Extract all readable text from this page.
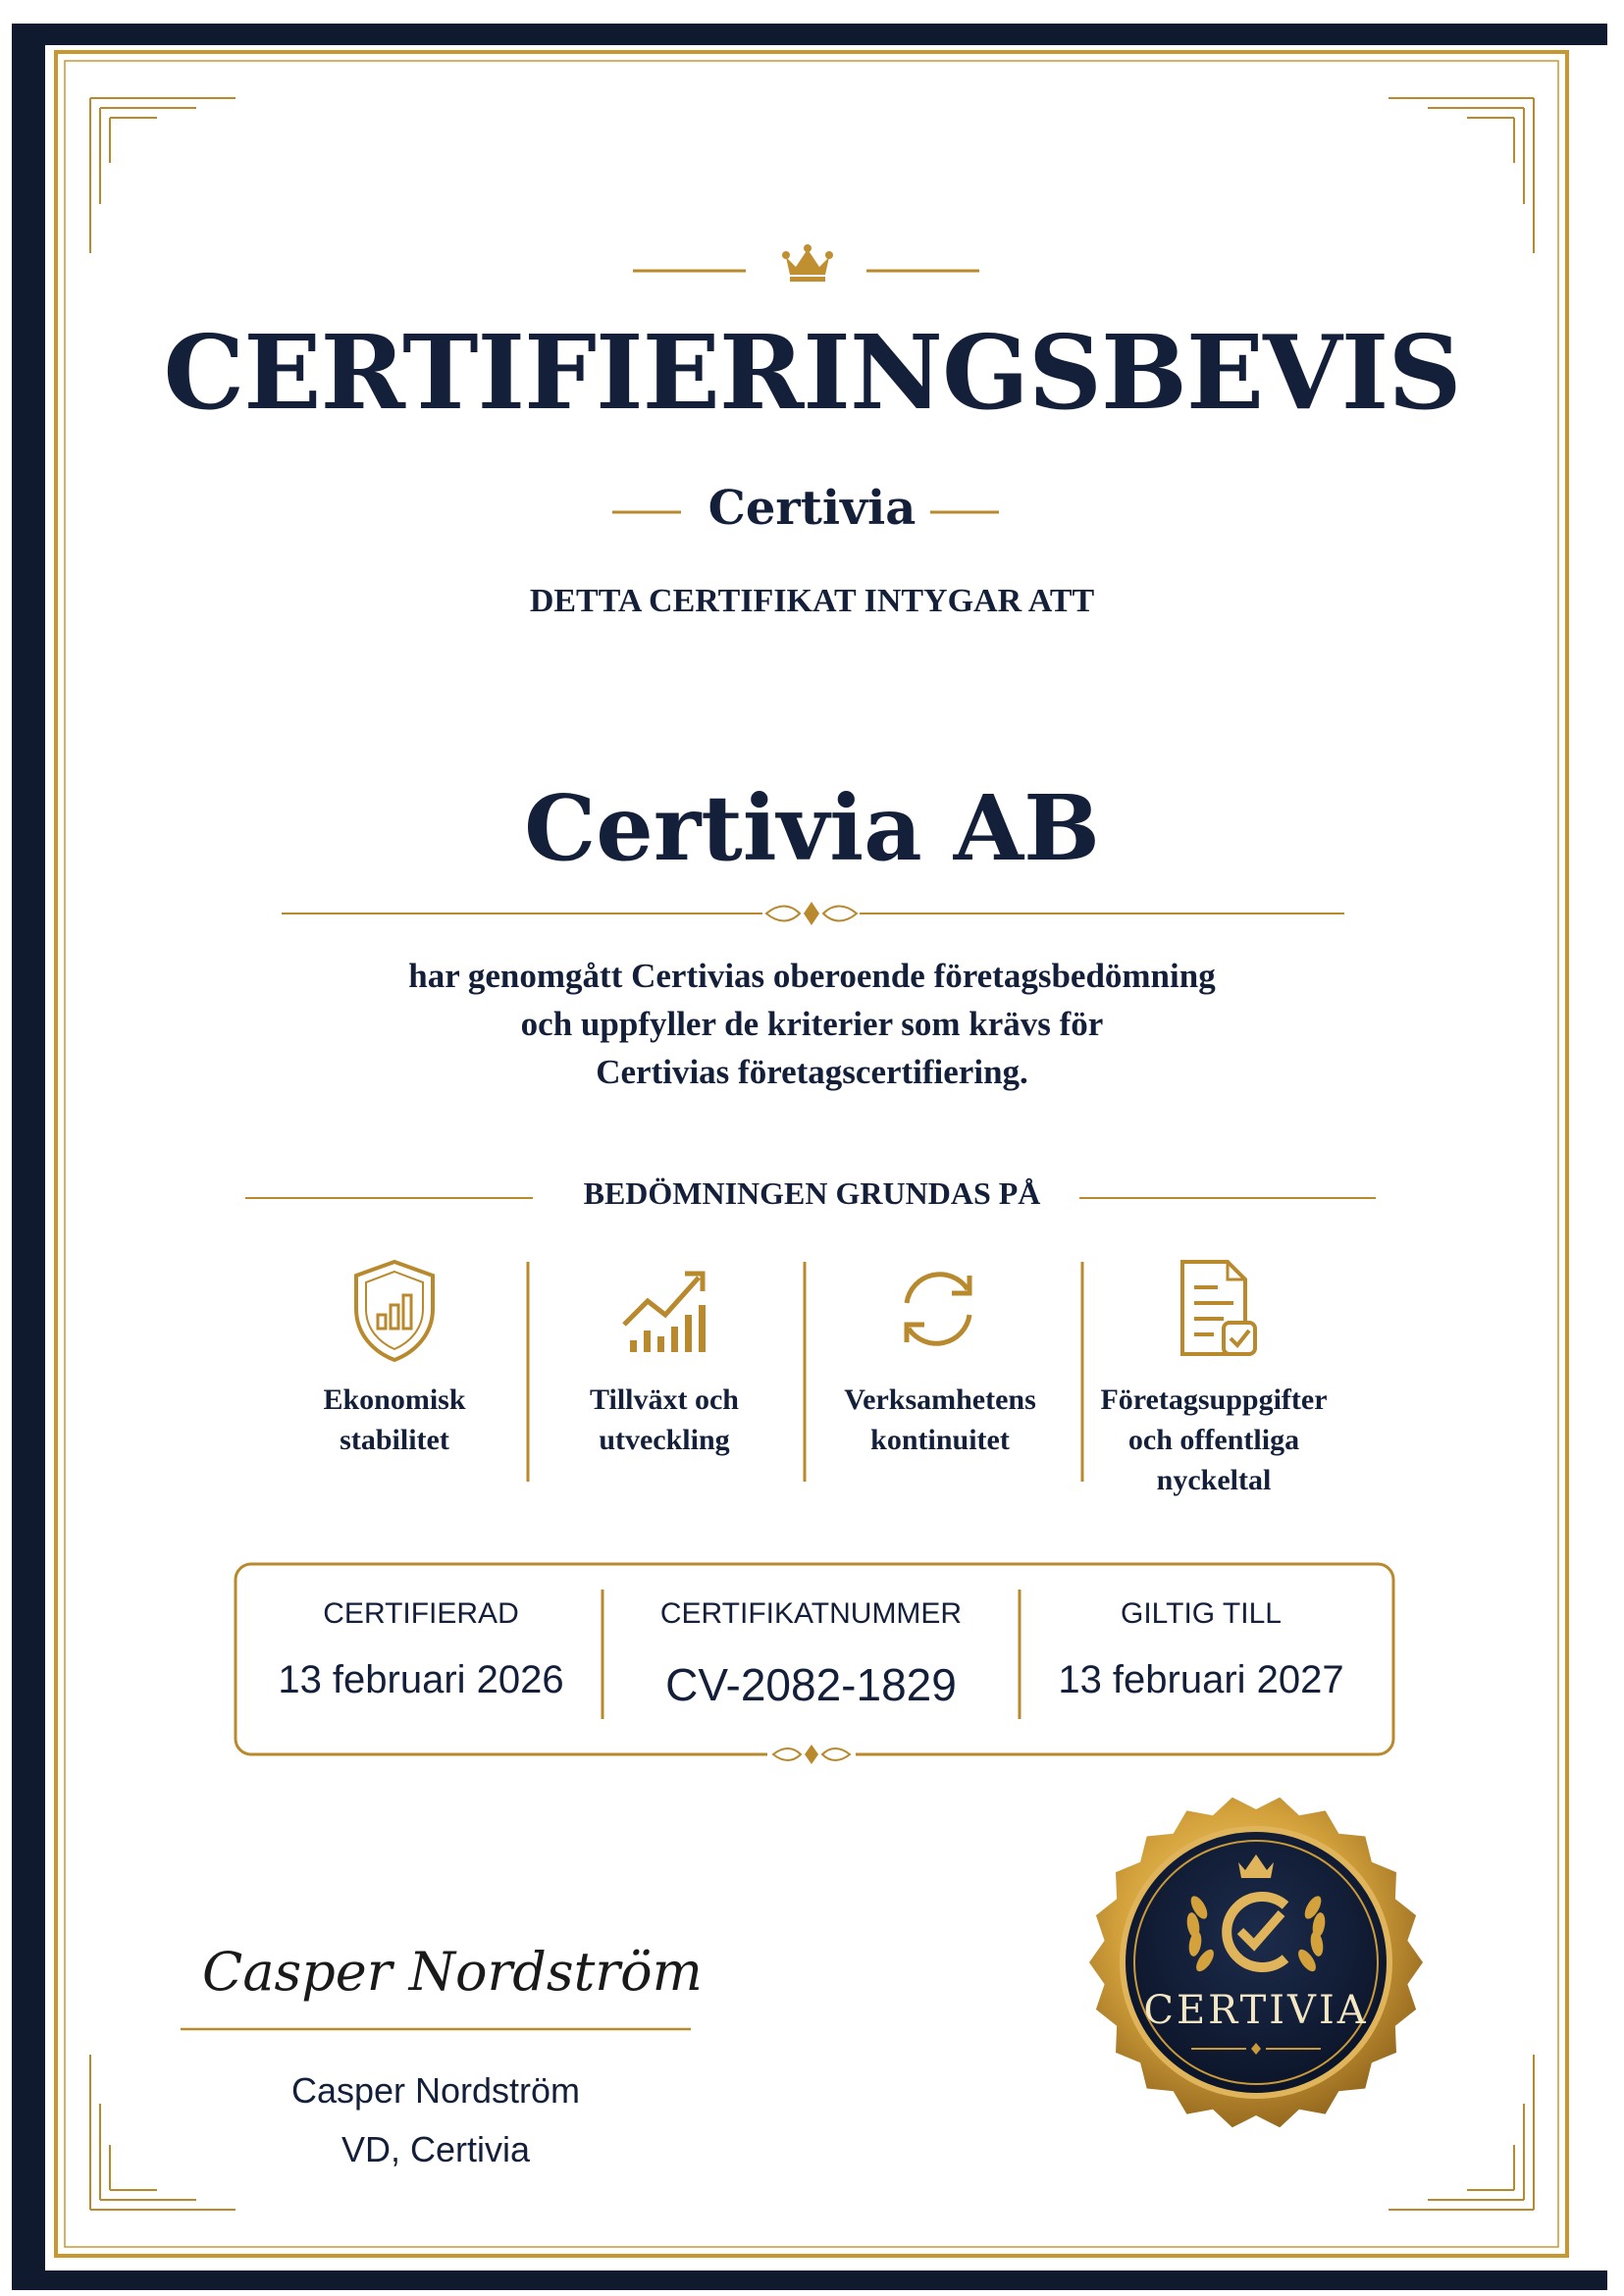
CERTIFIERINGSBEVIS
Certivia
DETTA CERTIFIKAT INTYGAR ATT
Certivia AB
har genomgått Certivias oberoende företagsbedömning
och uppfyller de kriterier som krävs för
Certivias företagscertifiering.
BEDÖMNINGEN GRUNDAS PÅ
Ekonomisk
stabilitet
Tillväxt och
utveckling
Verksamhetens
kontinuitet
Företagsuppgifter
och offentliga
nyckeltal
CERTIFIERAD
13 februari 2026
CERTIFIKATNUMMER
CV-2082-1829
GILTIG TILL
13 februari 2027
Casper Nordström
Casper Nordström
VD, Certivia
CERTIVIA
